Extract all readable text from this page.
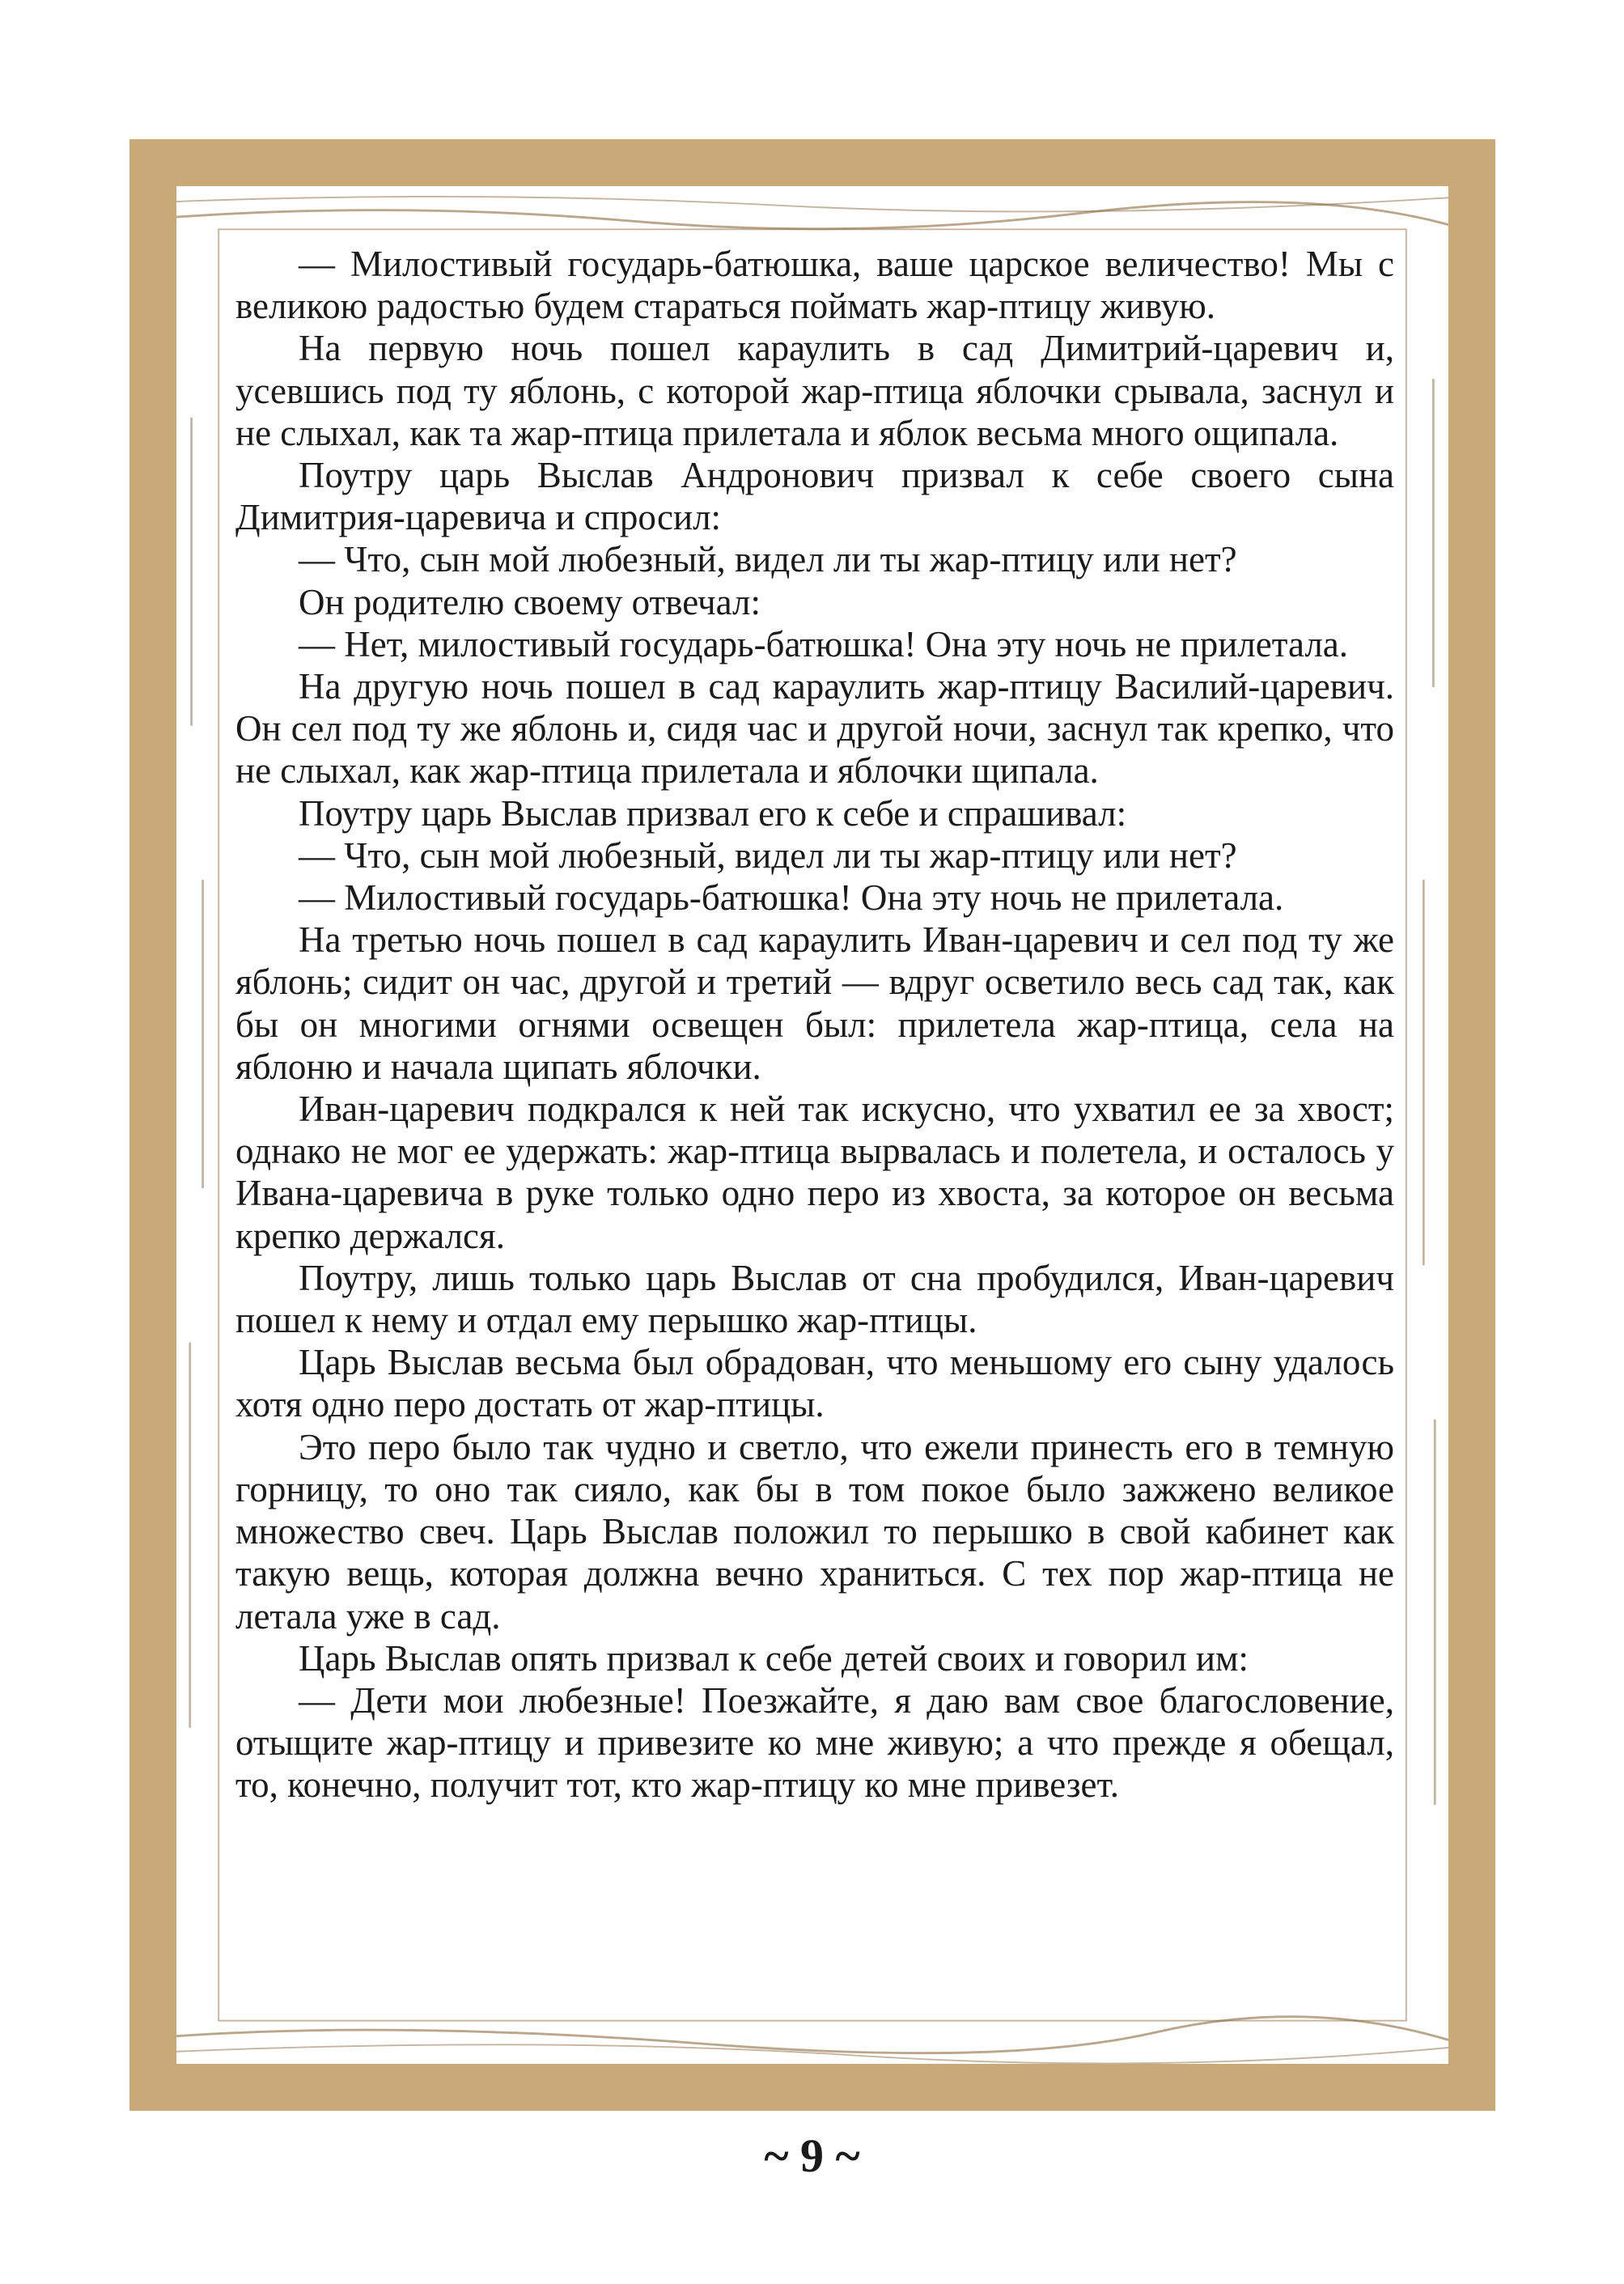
— Милостивый государь-батюшка, ваше царское величество! Мы с великою радостью будем стараться поймать жар-птицу живую.

На первую ночь пошел караулить в сад Димитрий-царевич и, усевшись под ту яблонь, с которой жар-птица яблочки срывала, заснул и не слыхал, как та жар-птица прилетала и яблок весьма много ощипала.

Поутру царь Выслав Андронович призвал к себе своего сына Димитрия-царевича и спросил:

— Что, сын мой любезный, видел ли ты жар-птицу или нет?

Он родителю своему отвечал:

— Нет, милостивый государь-батюшка! Она эту ночь не прилетала.

На другую ночь пошел в сад караулить жар-птицу Василий-царевич. Он сел под ту же яблонь и, сидя час и другой ночи, заснул так крепко, что не слыхал, как жар-птица прилетала и яблочки щипала.

Поутру царь Выслав призвал его к себе и спрашивал:

— Что, сын мой любезный, видел ли ты жар-птицу или нет?

— Милостивый государь-батюшка! Она эту ночь не прилетала.

На третью ночь пошел в сад караулить Иван-царевич и сел под ту же яблонь; сидит он час, другой и третий — вдруг осветило весь сад так, как бы он многими огнями освещен был: прилетела жар-птица, села на яблоню и начала щипать яблочки.

Иван-царевич подкрался к ней так искусно, что ухватил ее за хвост; однако не мог ее удержать: жар-птица вырвалась и полетела, и осталось у Ивана-царевича в руке только одно перо из хвоста, за которое он весьма крепко держался.

Поутру, лишь только царь Выслав от сна пробудился, Иван-царевич пошел к нему и отдал ему перышко жар-птицы.

Царь Выслав весьма был обрадован, что меньшому его сыну удалось хотя одно перо достать от жар-птицы.

Это перо было так чудно и светло, что ежели принесть его в темную горницу, то оно так сияло, как бы в том покое было зажжено великое множество свеч. Царь Выслав положил то перышко в свой кабинет как такую вещь, которая должна вечно храниться. С тех пор жар-птица не летала уже в сад.

Царь Выслав опять призвал к себе детей своих и говорил им:

— Дети мои любезные! Поезжайте, я даю вам свое благословение, отыщите жар-птицу и привезите ко мне живую; а что прежде я обещал, то, конечно, получит тот, кто жар-птицу ко мне привезет.

~ 9 ~
